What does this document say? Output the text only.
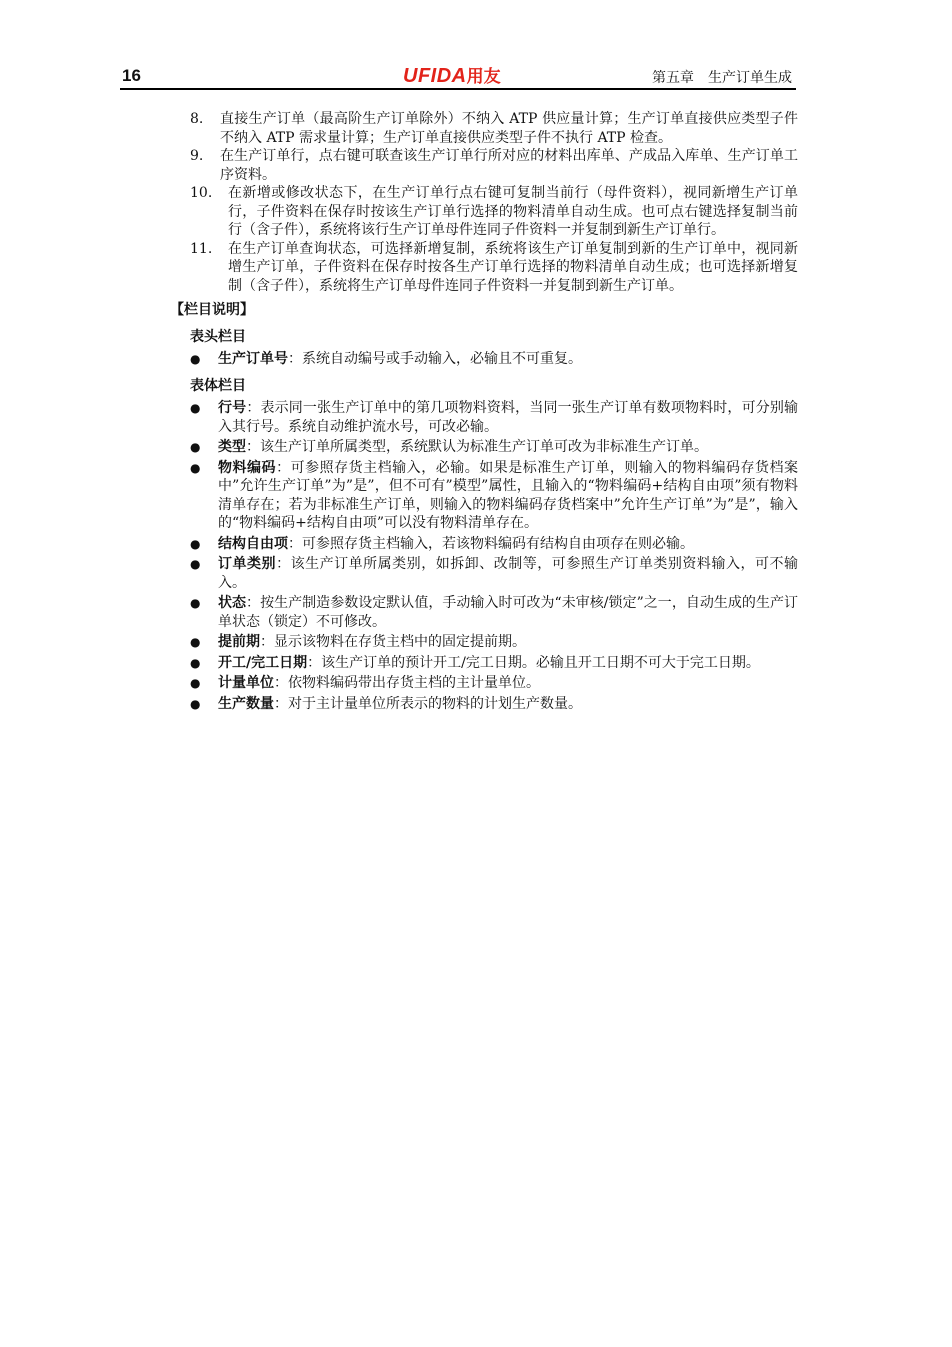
16	UFIDA用友	第五章　生产订单生成
8.	直接生产订单（最高阶生产订单除外）不纳入 ATP 供应量计算；生产订单直接供应类型子件不纳入 ATP 需求量计算；生产订单直接供应类型子件不执行 ATP 检查。
9.	在生产订单行，点右键可联查该生产订单行所对应的材料出库单、产成品入库单、生产订单工序资料。
10.	在新增或修改状态下，在生产订单行点右键可复制当前行（母件资料），视同新增生产订单行，子件资料在保存时按该生产订单行选择的物料清单自动生成。也可点右键选择复制当前行（含子件），系统将该行生产订单母件连同子件资料一并复制到新生产订单行。
11.	在生产订单查询状态，可选择新增复制，系统将该生产订单复制到新的生产订单中，视同新增生产订单，子件资料在保存时按各生产订单行选择的物料清单自动生成；也可选择新增复制（含子件），系统将生产订单母件连同子件资料一并复制到新生产订单。
【栏目说明】
表头栏目
●	生产订单号：系统自动编号或手动输入，必输且不可重复。
表体栏目
●	行号：表示同一张生产订单中的第几项物料资料，当同一张生产订单有数项物料时，可分别输入其行号。系统自动维护流水号，可改必输。
●	类型：该生产订单所属类型，系统默认为标准生产订单可改为非标准生产订单。
●	物料编码：可参照存货主档输入，必输。如果是标准生产订单，则输入的物料编码存货档案中”允许生产订单”为”是”，但不可有”模型”属性，且输入的“物料编码+结构自由项”须有物料清单存在；若为非标准生产订单，则输入的物料编码存货档案中”允许生产订单”为”是”，输入的“物料编码+结构自由项”可以没有物料清单存在。
●	结构自由项：可参照存货主档输入，若该物料编码有结构自由项存在则必输。
●	订单类别：该生产订单所属类别，如拆卸、改制等，可参照生产订单类别资料输入，可不输入。
●	状态：按生产制造参数设定默认值，手动输入时可改为“未审核/锁定”之一，自动生成的生产订单状态（锁定）不可修改。
●	提前期：显示该物料在存货主档中的固定提前期。
●	开工/完工日期：该生产订单的预计开工/完工日期。必输且开工日期不可大于完工日期。
●	计量单位：依物料编码带出存货主档的主计量单位。
●	生产数量：对于主计量单位所表示的物料的计划生产数量。
